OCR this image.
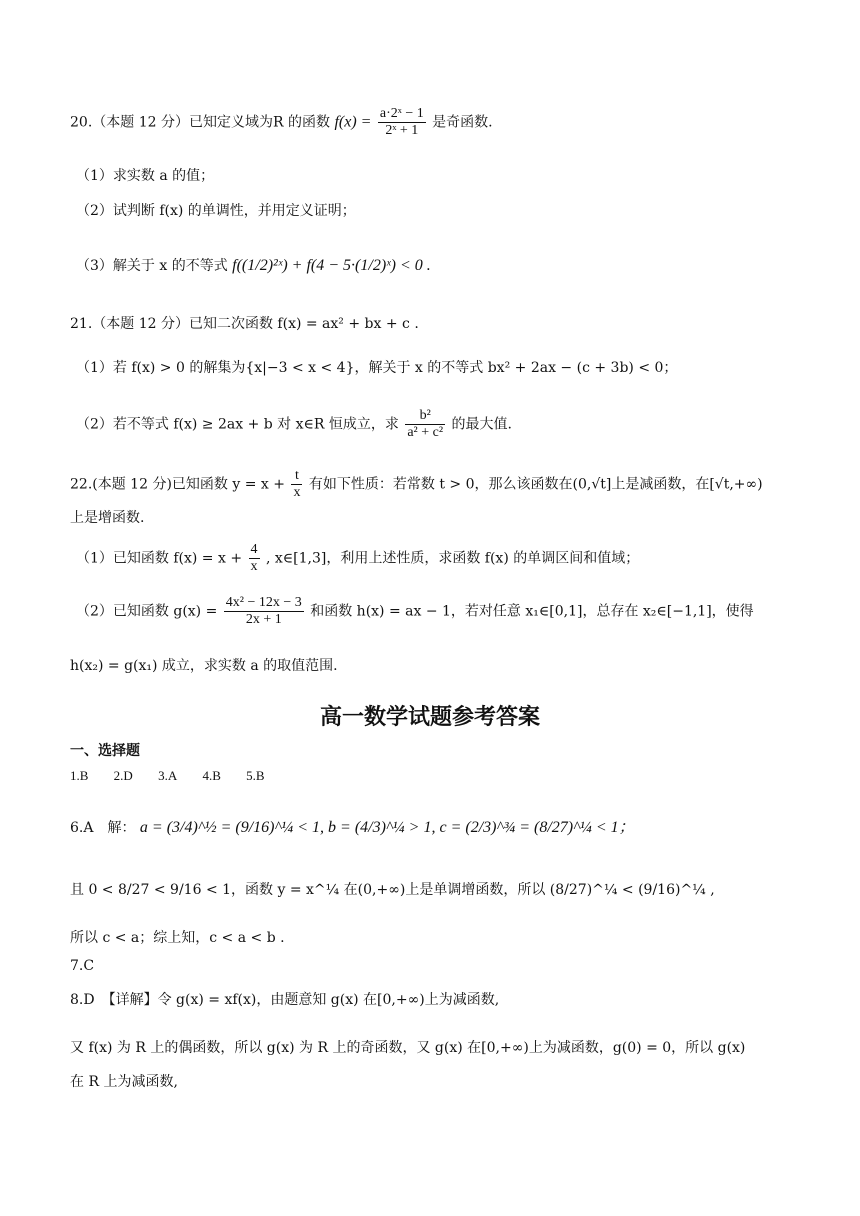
20.（本题 12 分）已知定义域为R 的函数 $f(x) = \frac{\text{a·2ˣ − 1}}{\text{2ˣ + 1}}$ 是奇函数.
（1）求实数 a 的值；
（2）试判断 f(x) 的单调性，并用定义证明；
（3）解关于 x 的不等式 f((1/2)²ˣ) + f(4 − 5·(1/2)ˣ) < 0 .
21.（本题 12 分）已知二次函数 f(x) = ax² + bx + c .
（1）若 f(x) > 0 的解集为{x|−3 < x < 4}，解关于 x 的不等式 bx² + 2ax − (c + 3b) < 0；
（2）若不等式 f(x) ≥ 2ax + b 对 x∈R 恒成立，求 $\frac{\text{b²}}{\text{a² + c²}}$ 的最大值.
22.(本题 12 分)已知函数 $y = x + \frac{t}{x}$ 有如下性质：若常数 t > 0，那么该函数在(0,√t]上是减函数，在[√t,+∞)
上是增函数.
（1）已知函数 $f(x) = x + \frac{4}{x}$ , x∈[1,3]，利用上述性质，求函数 f(x) 的单调区间和值域；
（2）已知函数 $g(x) = \frac{\text{4x² − 12x − 3}}{2x + 1}$ 和函数 h(x) = ax − 1，若对任意 x₁∈[0,1]，总存在 x₂∈[−1,1]，使得
h(x₂) = g(x₁) 成立，求实数 a 的取值范围.
高一数学试题参考答案
一、选择题
1.B 2.D 3.A 4.B 5.B
6.A　解： a = (3/4)^½ = (9/16)^¼ < 1, b = (4/3)^¼ > 1, c = (2/3)^¾ = (8/27)^¼ < 1；
且 0 < 8/27 < 9/16 < 1，函数 y = x^¼ 在(0,+∞)上是单调增函数，所以 (8/27)^¼ < (9/16)^¼ ,
所以 c < a；综上知，c < a < b .
7.C
8.D　【详解】令 g(x) = xf(x)，由题意知 g(x) 在[0,+∞)上为减函数,
又 f(x) 为 R 上的偶函数，所以 g(x) 为 R 上的奇函数，又 g(x) 在[0,+∞)上为减函数，g(0) = 0，所以 g(x)
在 R 上为减函数,
